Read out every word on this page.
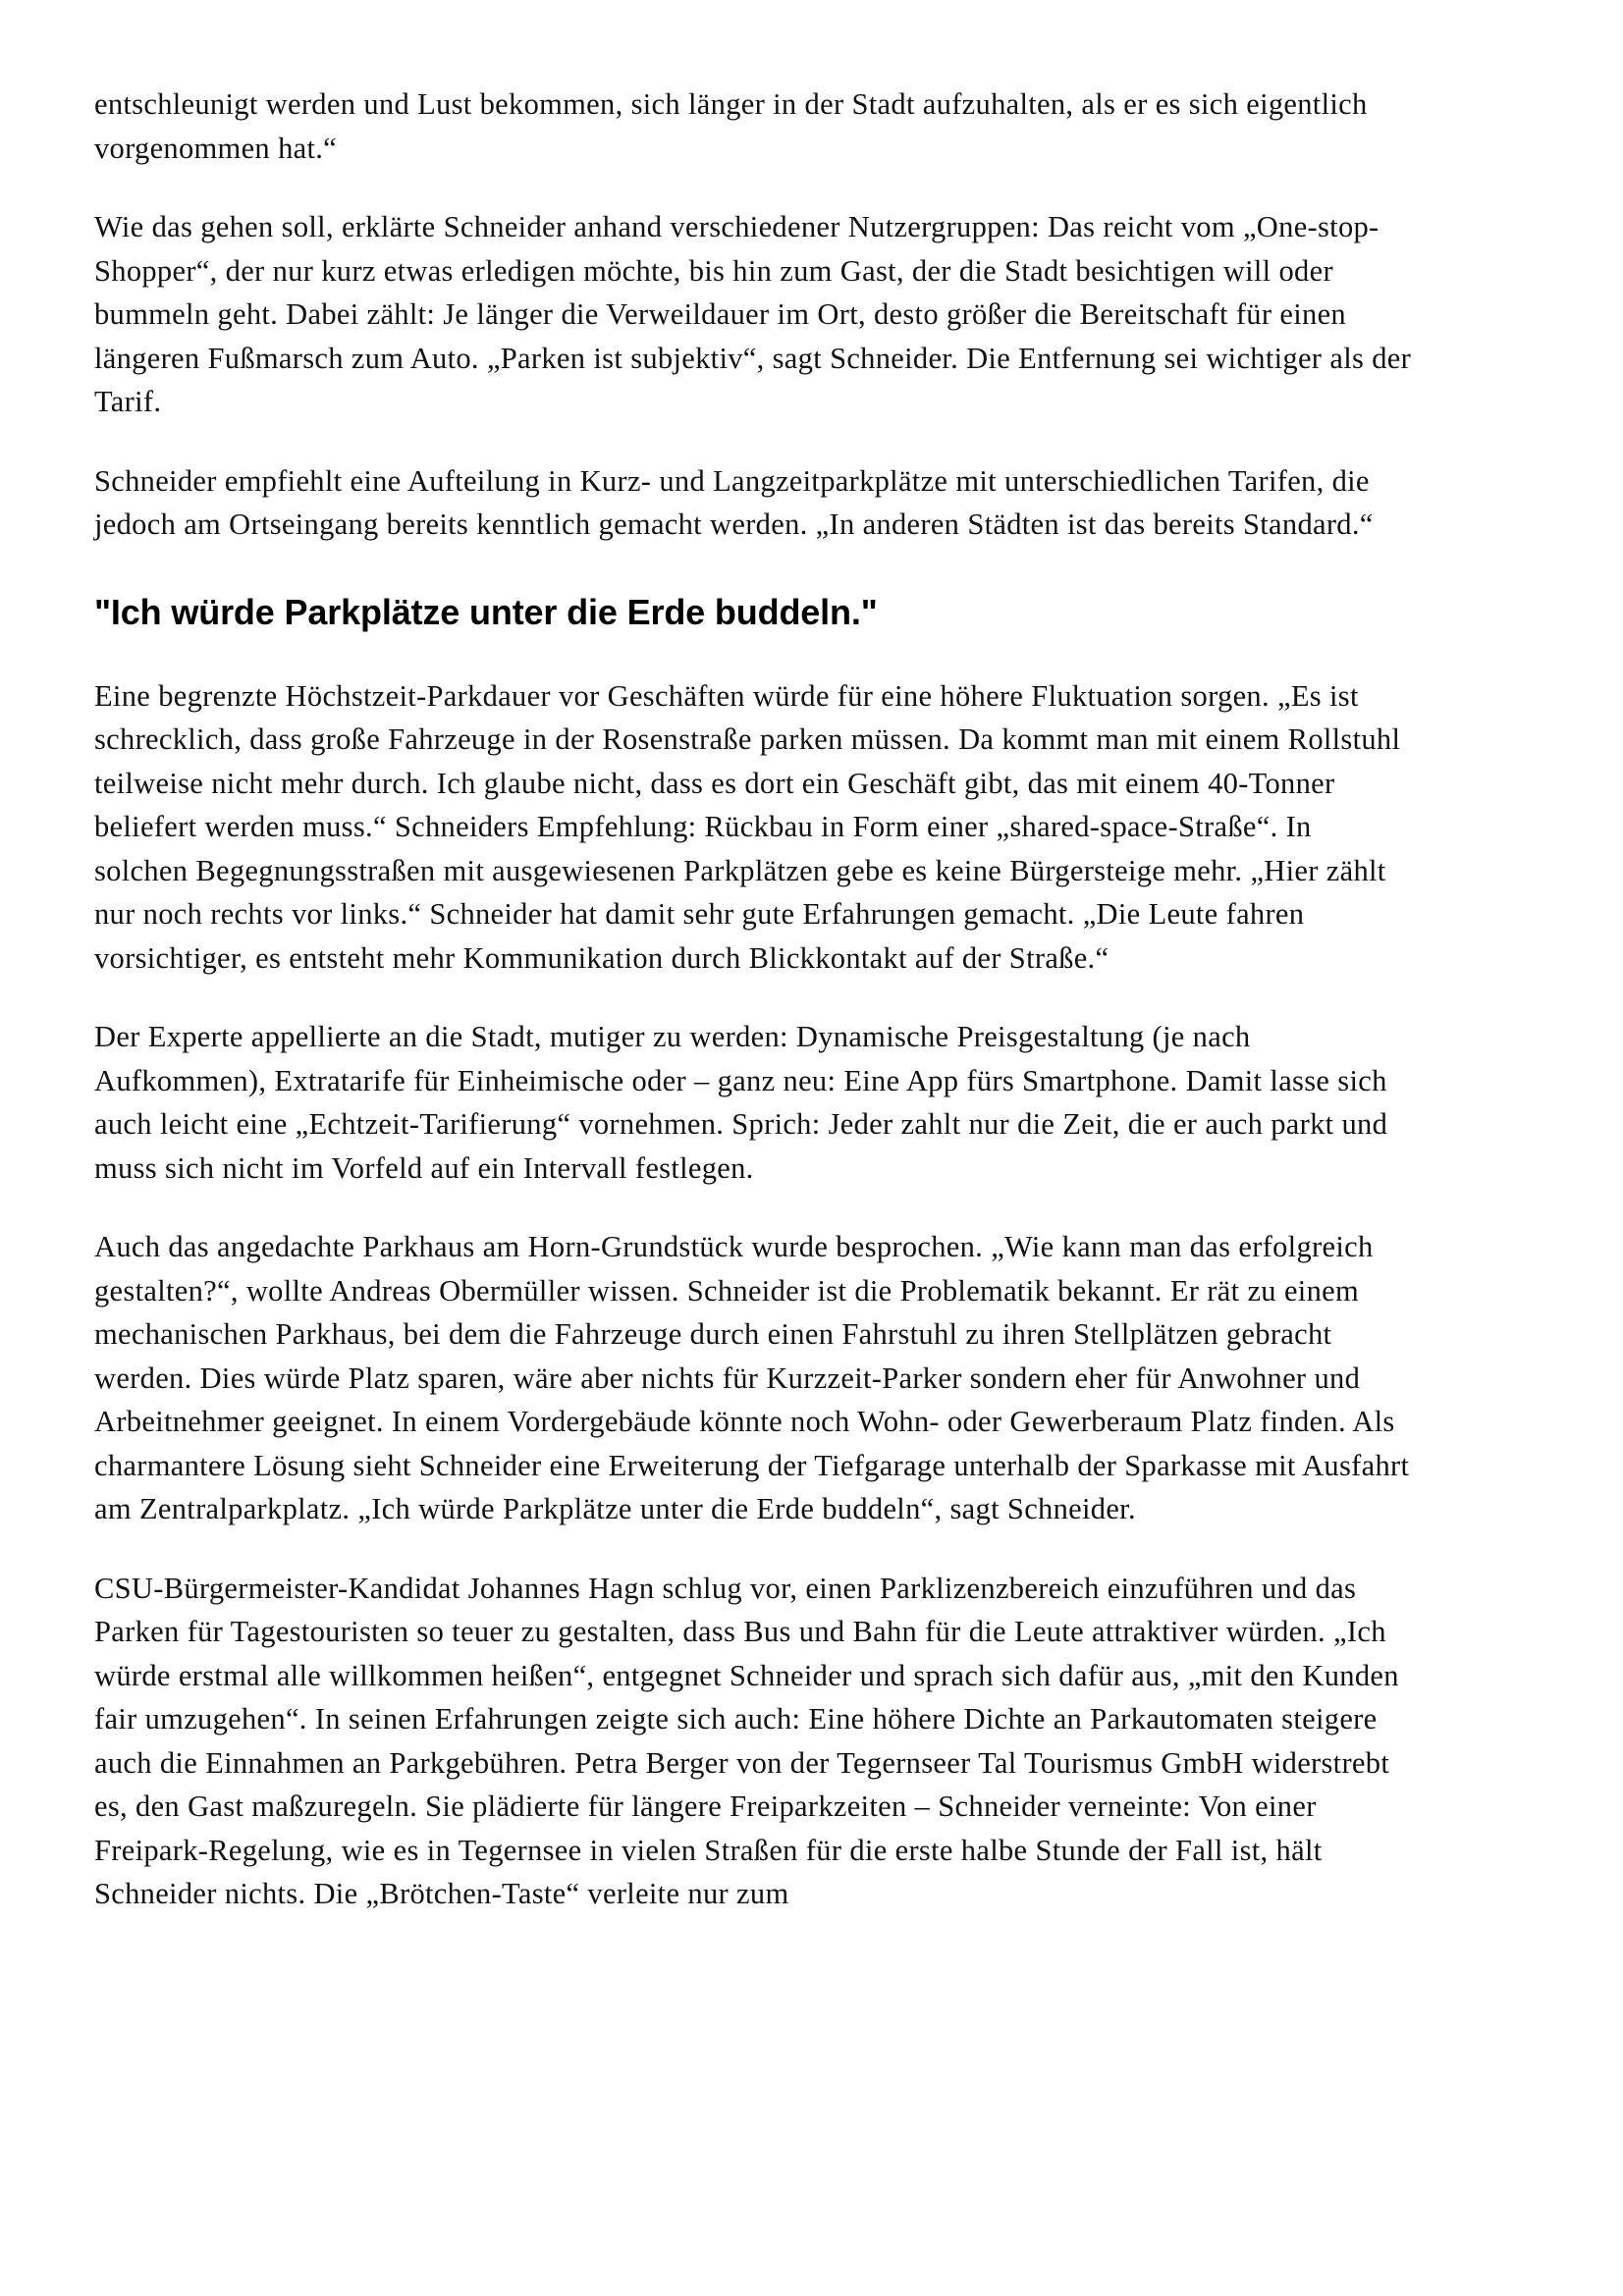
entschleunigt werden und Lust bekommen, sich länger in der Stadt aufzuhalten, als er es sich eigentlich vorgenommen hat.“

Wie das gehen soll, erklärte Schneider anhand verschiedener Nutzergruppen: Das reicht vom „One-stop-Shopper“, der nur kurz etwas erledigen möchte, bis hin zum Gast, der die Stadt besichtigen will oder bummeln geht. Dabei zählt: Je länger die Verweildauer im Ort, desto größer die Bereitschaft für einen längeren Fußmarsch zum Auto. „Parken ist subjektiv“, sagt Schneider. Die Entfernung sei wichtiger als der Tarif.

Schneider empfiehlt eine Aufteilung in Kurz- und Langzeitparkplätze mit unterschiedlichen Tarifen, die jedoch am Ortseingang bereits kenntlich gemacht werden. „In anderen Städten ist das bereits Standard.“

"Ich würde Parkplätze unter die Erde buddeln."

Eine begrenzte Höchstzeit-Parkdauer vor Geschäften würde für eine höhere Fluktuation sorgen. „Es ist schrecklich, dass große Fahrzeuge in der Rosenstraße parken müssen. Da kommt man mit einem Rollstuhl teilweise nicht mehr durch. Ich glaube nicht, dass es dort ein Geschäft gibt, das mit einem 40-Tonner beliefert werden muss.“ Schneiders Empfehlung: Rückbau in Form einer „shared-space-Straße“. In solchen Begegnungsstraßen mit ausgewiesenen Parkplätzen gebe es keine Bürgersteige mehr. „Hier zählt nur noch rechts vor links.“ Schneider hat damit sehr gute Erfahrungen gemacht. „Die Leute fahren vorsichtiger, es entsteht mehr Kommunikation durch Blickkontakt auf der Straße.“

Der Experte appellierte an die Stadt, mutiger zu werden: Dynamische Preisgestaltung (je nach Aufkommen), Extratarife für Einheimische oder – ganz neu: Eine App fürs Smartphone. Damit lasse sich auch leicht eine „Echtzeit-Tarifierung“ vornehmen. Sprich: Jeder zahlt nur die Zeit, die er auch parkt und muss sich nicht im Vorfeld auf ein Intervall festlegen.

Auch das angedachte Parkhaus am Horn-Grundstück wurde besprochen. „Wie kann man das erfolgreich gestalten?“, wollte Andreas Obermüller wissen. Schneider ist die Problematik bekannt. Er rät zu einem mechanischen Parkhaus, bei dem die Fahrzeuge durch einen Fahrstuhl zu ihren Stellplätzen gebracht werden. Dies würde Platz sparen, wäre aber nichts für Kurzzeit-Parker sondern eher für Anwohner und Arbeitnehmer geeignet. In einem Vordergebäude könnte noch Wohn- oder Gewerberaum Platz finden. Als charmantere Lösung sieht Schneider eine Erweiterung der Tiefgarage unterhalb der Sparkasse mit Ausfahrt am Zentralparkplatz. „Ich würde Parkplätze unter die Erde buddeln“, sagt Schneider.

CSU-Bürgermeister-Kandidat Johannes Hagn schlug vor, einen Parklizenzbereich einzuführen und das Parken für Tagestouristen so teuer zu gestalten, dass Bus und Bahn für die Leute attraktiver würden. „Ich würde erstmal alle willkommen heißen“, entgegnet Schneider und sprach sich dafür aus, „mit den Kunden fair umzugehen“. In seinen Erfahrungen zeigte sich auch: Eine höhere Dichte an Parkautomaten steigere auch die Einnahmen an Parkgebühren. Petra Berger von der Tegernseer Tal Tourismus GmbH widerstrebt es, den Gast maßzuregeln. Sie plädierte für längere Freiparkzeiten – Schneider verneinte: Von einer Freipark-Regelung, wie es in Tegernsee in vielen Straßen für die erste halbe Stunde der Fall ist, hält Schneider nichts. Die „Brötchen-Taste“ verleite nur zum
